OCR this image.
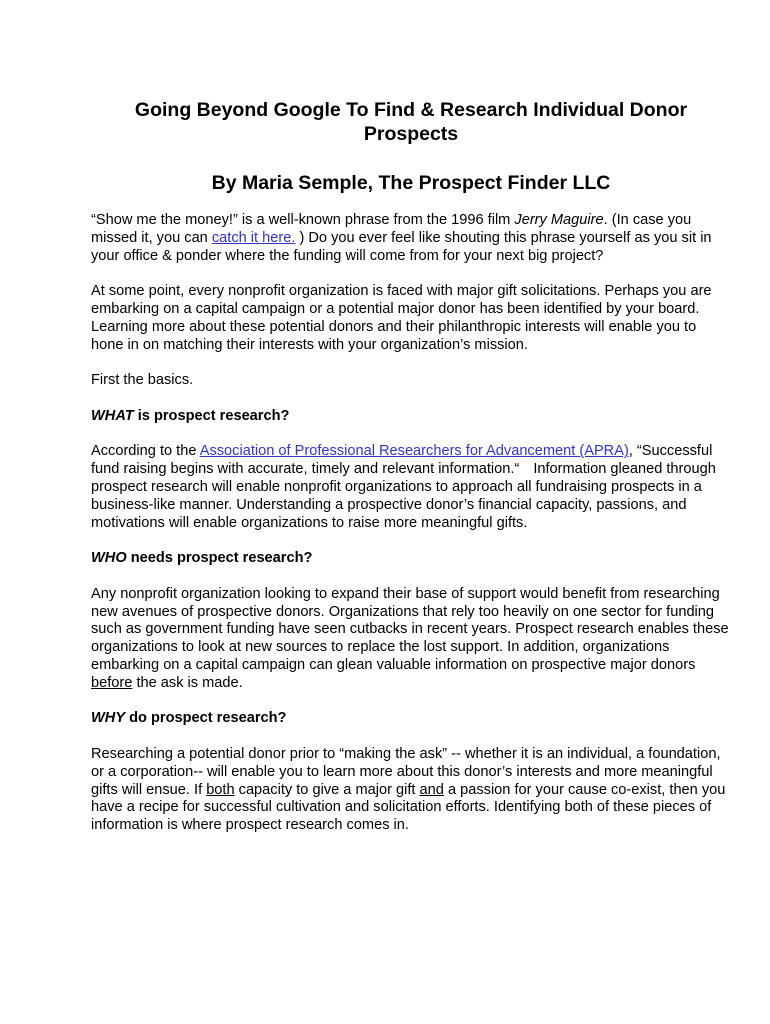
Going Beyond Google To Find & Research Individual Donor Prospects
By Maria Semple, The Prospect Finder LLC

“Show me the money!” is a well-known phrase from the 1996 film Jerry Maguire. (In case you missed it, you can catch it here. ) Do you ever feel like shouting this phrase yourself as you sit in your office & ponder where the funding will come from for your next big project?

At some point, every nonprofit organization is faced with major gift solicitations. Perhaps you are embarking on a capital campaign or a potential major donor has been identified by your board. Learning more about these potential donors and their philanthropic interests will enable you to hone in on matching their interests with your organization’s mission.

First the basics.

WHAT is prospect research?

According to the Association of Professional Researchers for Advancement (APRA), “Successful fund raising begins with accurate, timely and relevant information.“ Information gleaned through prospect research will enable nonprofit organizations to approach all fundraising prospects in a business-like manner. Understanding a prospective donor’s financial capacity, passions, and motivations will enable organizations to raise more meaningful gifts.

WHO needs prospect research?

Any nonprofit organization looking to expand their base of support would benefit from researching new avenues of prospective donors. Organizations that rely too heavily on one sector for funding such as government funding have seen cutbacks in recent years. Prospect research enables these organizations to look at new sources to replace the lost support. In addition, organizations embarking on a capital campaign can glean valuable information on prospective major donors before the ask is made.

WHY do prospect research?

Researching a potential donor prior to “making the ask” -- whether it is an individual, a foundation, or a corporation-- will enable you to learn more about this donor’s interests and more meaningful gifts will ensue. If both capacity to give a major gift and a passion for your cause co-exist, then you have a recipe for successful cultivation and solicitation efforts. Identifying both of these pieces of information is where prospect research comes in.
